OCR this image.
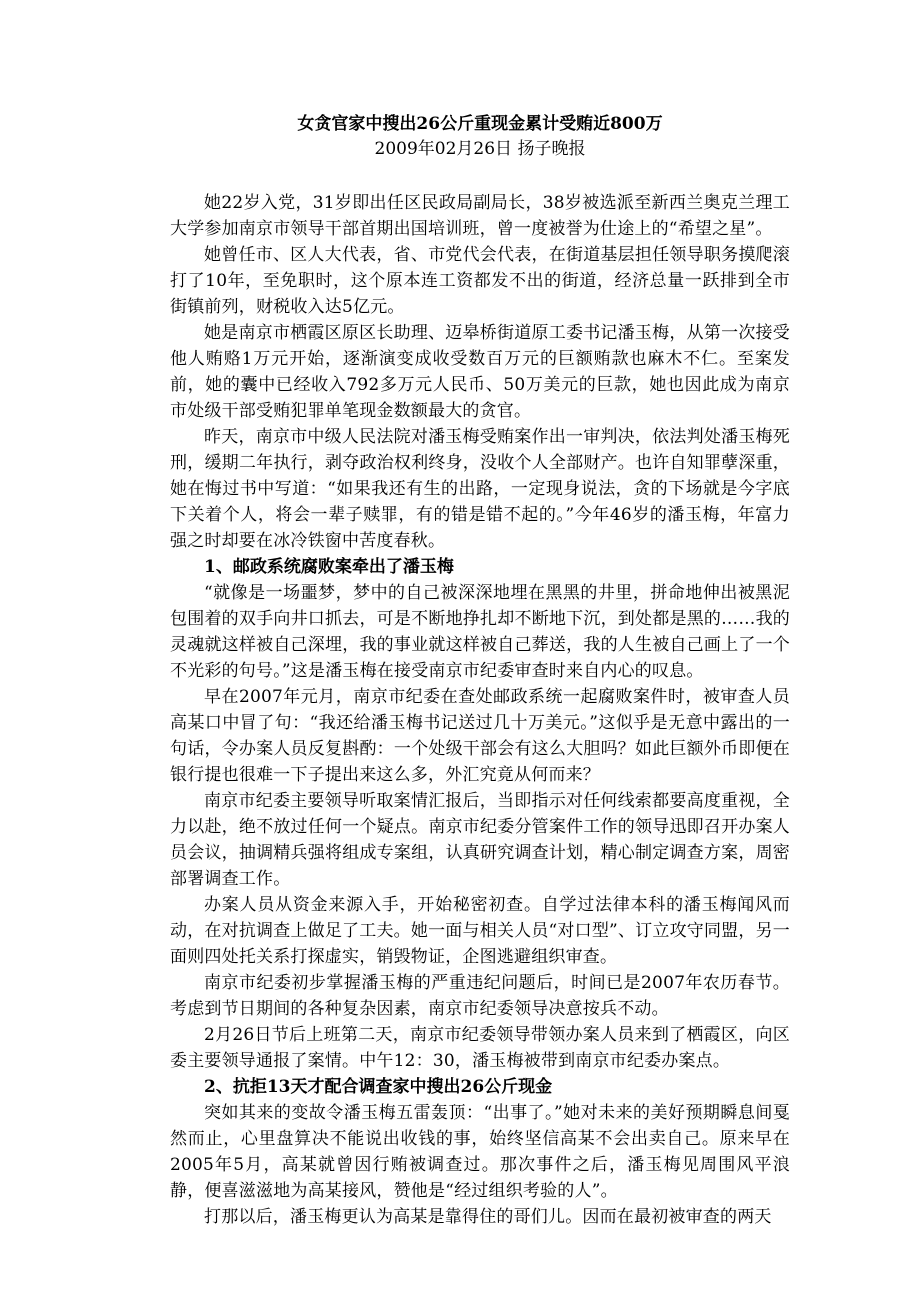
女贪官家中搜出26公斤重现金累计受贿近800万
2009年02月26日 扬子晚报

她22岁入党，31岁即出任区民政局副局长，38岁被选派至新西兰奥克兰理工大学参加南京市领导干部首期出国培训班，曾一度被誉为仕途上的“希望之星”。

她曾任市、区人大代表，省、市党代会代表，在街道基层担任领导职务摸爬滚打了10年，至免职时，这个原本连工资都发不出的街道，经济总量一跃排到全市街镇前列，财税收入达5亿元。

她是南京市栖霞区原区长助理、迈皋桥街道原工委书记潘玉梅，从第一次接受他人贿赂1万元开始，逐渐演变成收受数百万元的巨额贿款也麻木不仁。至案发前，她的囊中已经收入792多万元人民币、50万美元的巨款，她也因此成为南京市处级干部受贿犯罪单笔现金数额最大的贪官。

昨天，南京市中级人民法院对潘玉梅受贿案作出一审判决，依法判处潘玉梅死刑，缓期二年执行，剥夺政治权利终身，没收个人全部财产。也许自知罪孽深重，她在悔过书中写道：“如果我还有生的出路，一定现身说法，贪的下场就是今字底下关着个人，将会一辈子赎罪，有的错是错不起的。”今年46岁的潘玉梅，年富力强之时却要在冰冷铁窗中苦度春秋。

1、邮政系统腐败案牵出了潘玉梅

“就像是一场噩梦，梦中的自己被深深地埋在黑黑的井里，拼命地伸出被黑泥包围着的双手向井口抓去，可是不断地挣扎却不断地下沉，到处都是黑的……我的灵魂就这样被自己深埋，我的事业就这样被自己葬送，我的人生被自己画上了一个不光彩的句号。”这是潘玉梅在接受南京市纪委审查时来自内心的叹息。

早在2007年元月，南京市纪委在查处邮政系统一起腐败案件时，被审查人员高某口中冒了句：“我还给潘玉梅书记送过几十万美元。”这似乎是无意中露出的一句话，令办案人员反复斟酌：一个处级干部会有这么大胆吗？如此巨额外币即便在银行提也很难一下子提出来这么多，外汇究竟从何而来？

南京市纪委主要领导听取案情汇报后，当即指示对任何线索都要高度重视，全力以赴，绝不放过任何一个疑点。南京市纪委分管案件工作的领导迅即召开办案人员会议，抽调精兵强将组成专案组，认真研究调查计划，精心制定调查方案，周密部署调查工作。

办案人员从资金来源入手，开始秘密初查。自学过法律本科的潘玉梅闻风而动，在对抗调查上做足了工夫。她一面与相关人员“对口型”、订立攻守同盟，另一面则四处托关系打探虚实，销毁物证，企图逃避组织审查。

南京市纪委初步掌握潘玉梅的严重违纪问题后，时间已是2007年农历春节。考虑到节日期间的各种复杂因素，南京市纪委领导决意按兵不动。

2月26日节后上班第二天，南京市纪委领导带领办案人员来到了栖霞区，向区委主要领导通报了案情。中午12：30，潘玉梅被带到南京市纪委办案点。

2、抗拒13天才配合调查家中搜出26公斤现金

突如其来的变故令潘玉梅五雷轰顶：“出事了。”她对未来的美好预期瞬息间戛然而止，心里盘算决不能说出收钱的事，始终坚信高某不会出卖自己。原来早在2005年5月，高某就曾因行贿被调查过。那次事件之后，潘玉梅见周围风平浪静，便喜滋滋地为高某接风，赞他是“经过组织考验的人”。

打那以后，潘玉梅更认为高某是靠得住的哥们儿。因而在最初被审查的两天
